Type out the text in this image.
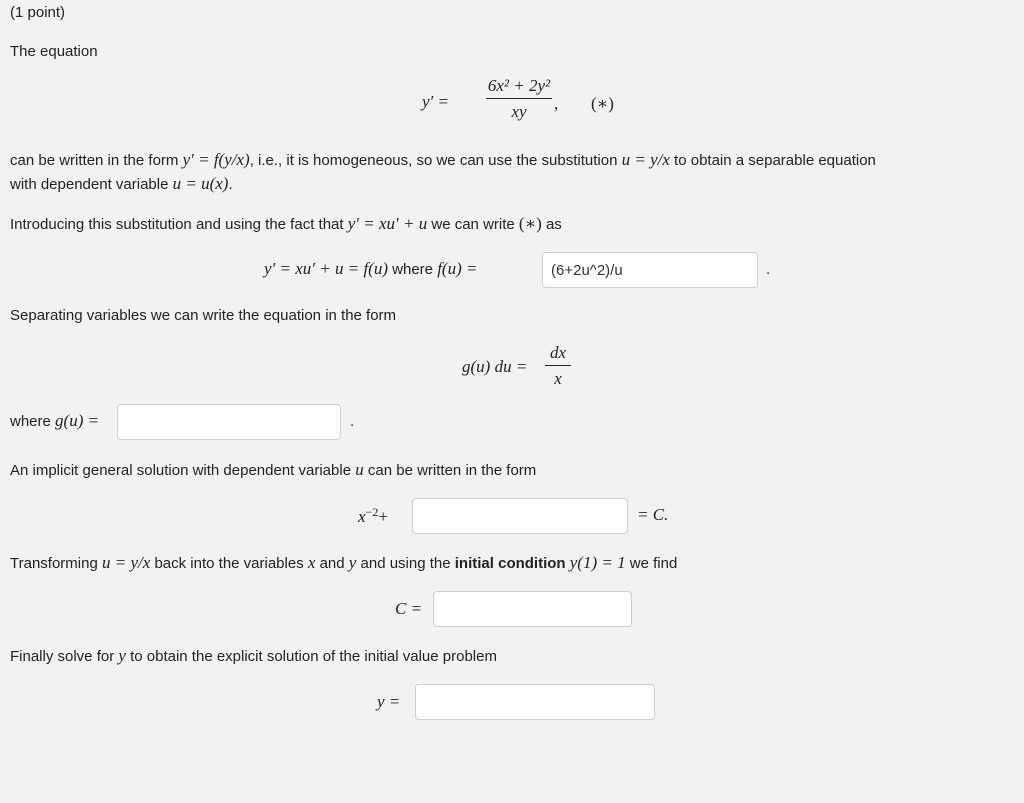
(1 point)
The equation
y′ =
6x² + 2y²
xy	, (∗)
can be written in the form y′ = f(y/x), i.e., it is homogeneous, so we can use the substitution u = y/x to obtain a separable equation
with dependent variable u = u(x).
Introducing this substitution and using the fact that y′ = xu′ + u we can write (∗) as
y′ = xu′ + u = f(u) where f(u) =
(6+2u^2)/u	.
Separating variables we can write the equation in the form
g(u) du =
dx
x
where g(u) =	.
An implicit general solution with dependent variable u can be written in the form
$x^{-2}+$	= C.
Transforming u = y/x back into the variables x and y and using the initial condition y(1) = 1 we find
C =
Finally solve for y to obtain the explicit solution of the initial value problem
y =
